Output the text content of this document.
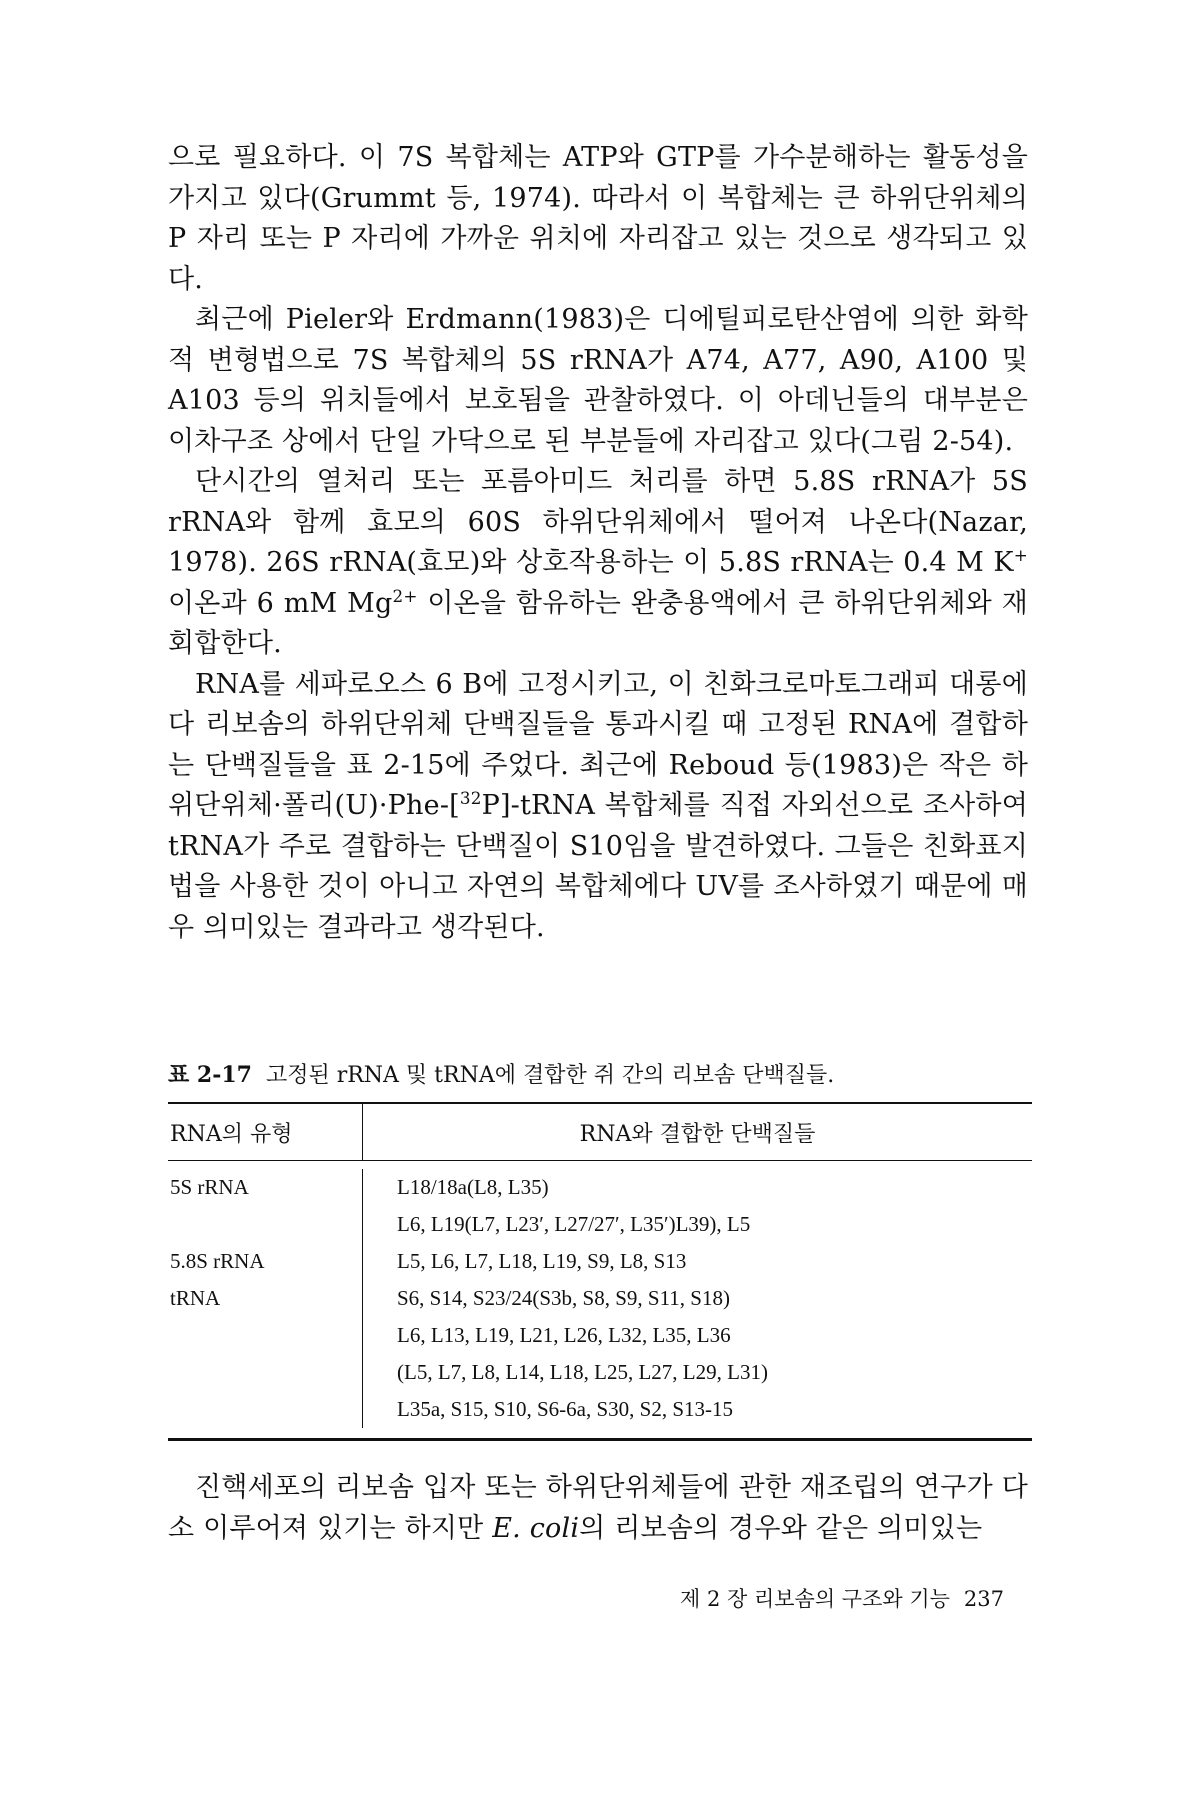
으로 필요하다. 이 7S 복합체는 ATP와 GTP를 가수분해하는 활동성을 가지고 있다(Grummt 등, 1974). 따라서 이 복합체는 큰 하위단위체의 P 자리 또는 P 자리에 가까운 위치에 자리잡고 있는 것으로 생각되고 있다.

최근에 Pieler와 Erdmann(1983)은 디에틸피로탄산염에 의한 화학적 변형법으로 7S 복합체의 5S rRNA가 A74, A77, A90, A100 및 A103 등의 위치들에서 보호됨을 관찰하였다. 이 아데닌들의 대부분은 이차구조 상에서 단일 가닥으로 된 부분들에 자리잡고 있다(그림 2-54).

단시간의 열처리 또는 포름아미드 처리를 하면 5.8S rRNA가 5S rRNA와 함께 효모의 60S 하위단위체에서 떨어져 나온다(Nazar, 1978). 26S rRNA(효모)와 상호작용하는 이 5.8S rRNA는 0.4 M K+ 이온과 6 mM $Mg^{2+}$ 이온을 함유하는 완충용액에서 큰 하위단위체와 재회합한다.

RNA를 세파로오스 6 B에 고정시키고, 이 친화크로마토그래피 대롱에다 리보솜의 하위단위체 단백질들을 통과시킬 때 고정된 RNA에 결합하는 단백질들을 표 2-15에 주었다. 최근에 Reboud 등(1983)은 작은 하위단위체·폴리(U)·Phe-[$^{32}$P]-tRNA 복합체를 직접 자외선으로 조사하여 tRNA가 주로 결합하는 단백질이 S10임을 발견하였다. 그들은 친화표지법을 사용한 것이 아니고 자연의 복합체에다 UV를 조사하였기 때문에 매우 의미있는 결과라고 생각된다.

표 2-17 고정된 rRNA 및 tRNA에 결합한 쥐 간의 리보솜 단백질들.
RNA의 유형	RNA와 결합한 단백질들
5S rRNA
5.8S rRNA
tRNA
L18/18a(L8, L35)
L6, L19(L7, L23′, L27/27′, L35′)L39), L5
L5, L6, L7, L18, L19, S9, L8, S13
S6, S14, S23/24(S3b, S8, S9, S11, S18)
L6, L13, L19, L21, L26, L32, L35, L36
(L5, L7, L8, L14, L18, L25, L27, L29, L31)
L35a, S15, S10, S6-6a, S30, S2, S13-15

진핵세포의 리보솜 입자 또는 하위단위체들에 관한 재조립의 연구가 다소 이루어져 있기는 하지만 E. coli의 리보솜의 경우와 같은 의미있는

제 2 장 리보솜의 구조와 기능 237
